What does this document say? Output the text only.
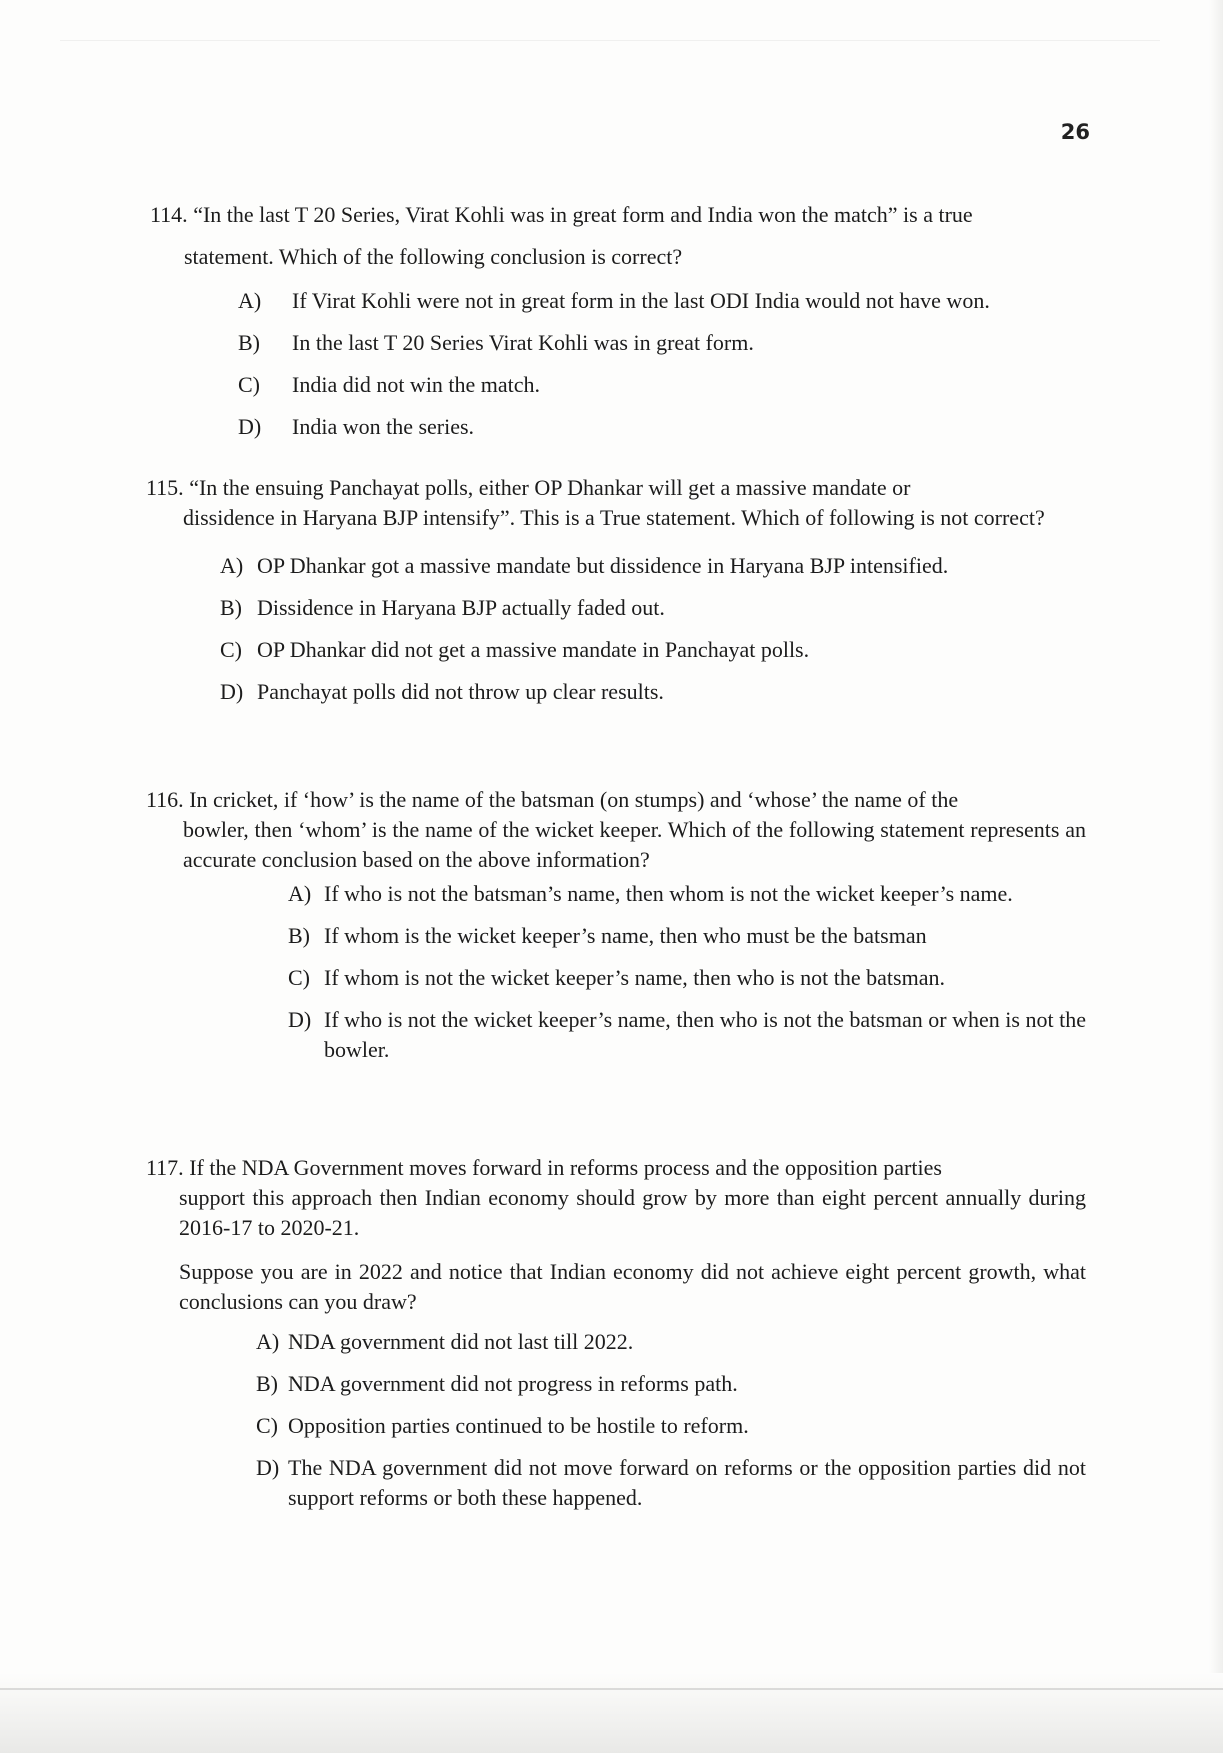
26
114. “In the last T 20 Series, Virat Kohli was in great form and India won the match” is a true
statement. Which of the following conclusion is correct?
A)	If Virat Kohli were not in great form in the last ODI India would not have won.
B)	In the last T 20 Series Virat Kohli was in great form.
C)	India did not win the match.
D)	India won the series.
115. “In the ensuing Panchayat polls, either OP Dhankar will get a massive mandate or
dissidence in Haryana BJP intensify”. This is a True statement. Which of following is not correct?
A) OP Dhankar got a massive mandate but dissidence in Haryana BJP intensified.
B) Dissidence in Haryana BJP actually faded out.
C) OP Dhankar did not get a massive mandate in Panchayat polls.
D) Panchayat polls did not throw up clear results.
116. In cricket, if ‘how’ is the name of the batsman (on stumps) and ‘whose’ the name of the
bowler, then ‘whom’ is the name of the wicket keeper. Which of the following statement represents an accurate conclusion based on the above information?
A) If who is not the batsman’s name, then whom is not the wicket keeper’s name.
B) If whom is the wicket keeper’s name, then who must be the batsman
C) If whom is not the wicket keeper’s name, then who is not the batsman.
D) If who is not the wicket keeper’s name, then who is not the batsman or when is not the bowler.
117. If the NDA Government moves forward in reforms process and the opposition parties
support this approach then Indian economy should grow by more than eight percent annually during 2016-17 to 2020-21.
Suppose you are in 2022 and notice that Indian economy did not achieve eight percent growth, what conclusions can you draw?
A) NDA government did not last till 2022.
B) NDA government did not progress in reforms path.
C) Opposition parties continued to be hostile to reform.
D) The NDA government did not move forward on reforms or the opposition parties did not support reforms or both these happened.
